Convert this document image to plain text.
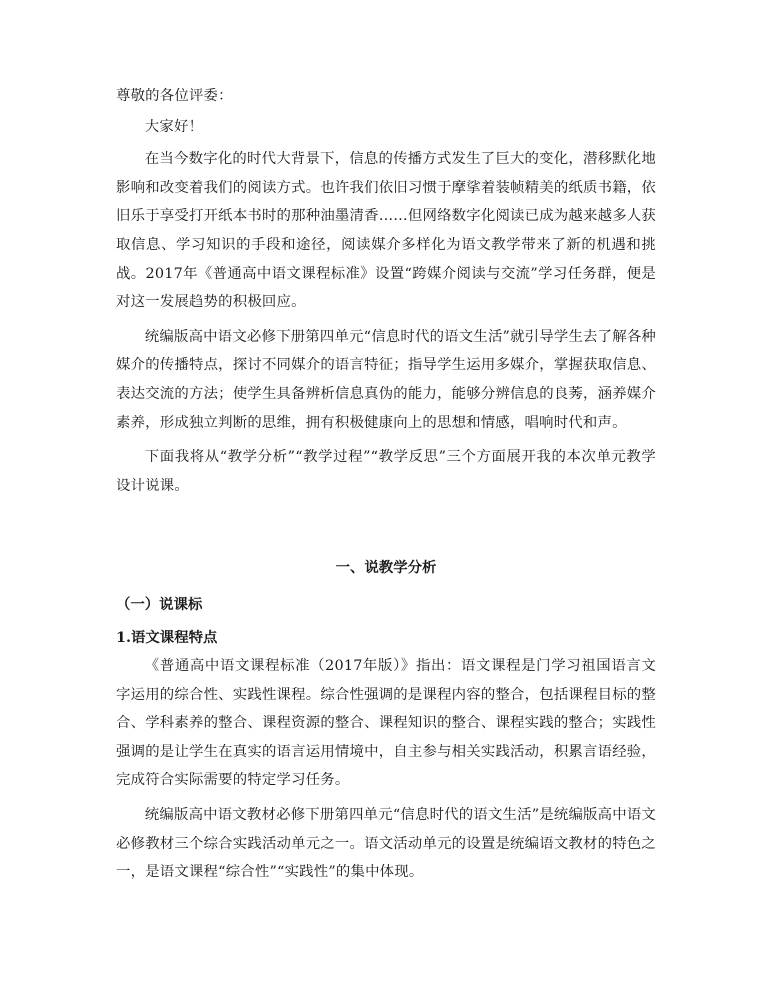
尊敬的各位评委：

大家好！

在当今数字化的时代大背景下，信息的传播方式发生了巨大的变化，潜移默化地影响和改变着我们的阅读方式。也许我们依旧习惯于摩挲着装帧精美的纸质书籍，依旧乐于享受打开纸本书时的那种油墨清香……但网络数字化阅读已成为越来越多人获取信息、学习知识的手段和途径，阅读媒介多样化为语文教学带来了新的机遇和挑战。2017年《普通高中语文课程标准》设置“跨媒介阅读与交流”学习任务群，便是对这一发展趋势的积极回应。

统编版高中语文必修下册第四单元“信息时代的语文生活”就引导学生去了解各种媒介的传播特点，探讨不同媒介的语言特征；指导学生运用多媒介，掌握获取信息、表达交流的方法；使学生具备辨析信息真伪的能力，能够分辨信息的良莠，涵养媒介素养，形成独立判断的思维，拥有积极健康向上的思想和情感，唱响时代和声。

下面我将从“教学分析”“教学过程”“教学反思”三个方面展开我的本次单元教学设计说课。

一、说教学分析
（一）说课标
1.语文课程特点

《普通高中语文课程标准（2017年版）》指出：语文课程是门学习祖国语言文字运用的综合性、实践性课程。综合性强调的是课程内容的整合，包括课程目标的整合、学科素养的整合、课程资源的整合、课程知识的整合、课程实践的整合；实践性强调的是让学生在真实的语言运用情境中，自主参与相关实践活动，积累言语经验，完成符合实际需要的特定学习任务。

统编版高中语文教材必修下册第四单元“信息时代的语文生活”是统编版高中语文必修教材三个综合实践活动单元之一。语文活动单元的设置是统编语文教材的特色之一，是语文课程“综合性”“实践性”的集中体现。
